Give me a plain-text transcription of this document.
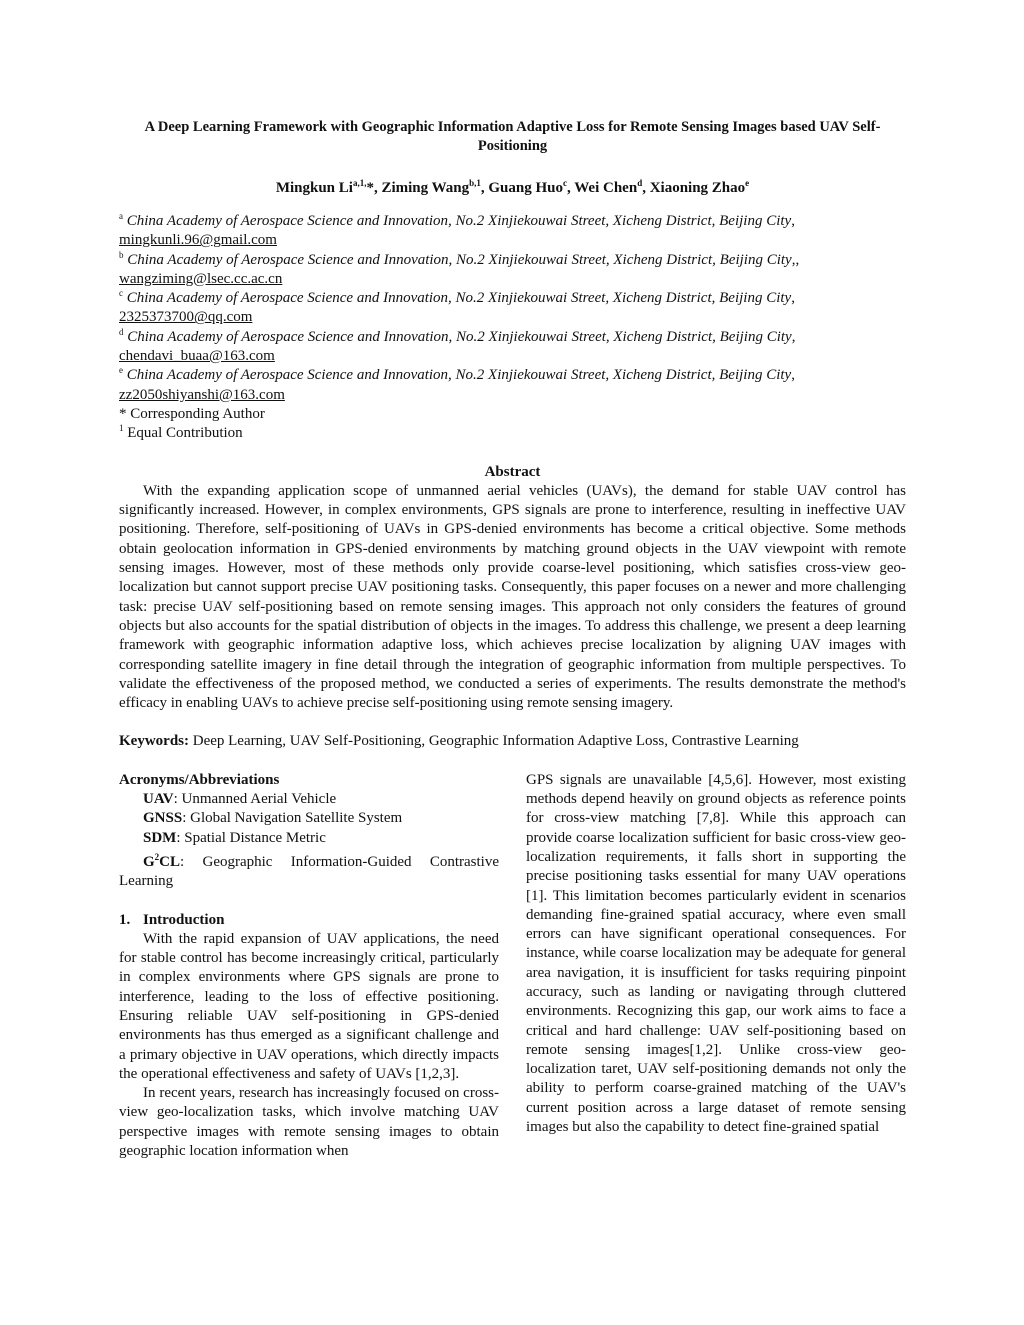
A Deep Learning Framework with Geographic Information Adaptive Loss for Remote Sensing Images based UAV Self-Positioning
Mingkun $Li^{a,1,}*$, Ziming Wang$^{b,1}$, Guang Huo$^c$, Wei Chen$^d$, Xiaoning Zhao$^e$
$^a$ China Academy of Aerospace Science and Innovation, No.2 Xinjiekouwai Street, Xicheng District, Beijing City,
mingkunli.96@gmail.com
$^b$ China Academy of Aerospace Science and Innovation, No.2 Xinjiekouwai Street, Xicheng District, Beijing City,,
wangziming@lsec.cc.ac.cn
$^c$ China Academy of Aerospace Science and Innovation, No.2 Xinjiekouwai Street, Xicheng District, Beijing City,
2325373700@qq.com
$^d$ China Academy of Aerospace Science and Innovation, No.2 Xinjiekouwai Street, Xicheng District, Beijing City,
chendavi_buaa@163.com
$^e$ China Academy of Aerospace Science and Innovation, No.2 Xinjiekouwai Street, Xicheng District, Beijing City,
zz2050shiyanshi@163.com
* Corresponding Author
$^1$ Equal Contribution
Abstract

With the expanding application scope of unmanned aerial vehicles (UAVs), the demand for stable UAV control has significantly increased. However, in complex environments, GPS signals are prone to interference, resulting in ineffective UAV positioning. Therefore, self-positioning of UAVs in GPS-denied environments has become a critical objective. Some methods obtain geolocation information in GPS-denied environments by matching ground objects in the UAV viewpoint with remote sensing images. However, most of these methods only provide coarse-level positioning, which satisfies cross-view geo-localization but cannot support precise UAV positioning tasks. Consequently, this paper focuses on a newer and more challenging task: precise UAV self-positioning based on remote sensing images. This approach not only considers the features of ground objects but also accounts for the spatial distribution of objects in the images. To address this challenge, we present a deep learning framework with geographic information adaptive loss, which achieves precise localization by aligning UAV images with corresponding satellite imagery in fine detail through the integration of geographic information from multiple perspectives. To validate the effectiveness of the proposed method, we conducted a series of experiments. The results demonstrate the method's efficacy in enabling UAVs to achieve precise self-positioning using remote sensing imagery.

Keywords: Deep Learning, UAV Self-Positioning, Geographic Information Adaptive Loss, Contrastive Learning

Acronyms/Abbreviations

UAV: Unmanned Aerial Vehicle

GNSS: Global Navigation Satellite System

SDM: Spatial Distance Metric

$G^2CL$: Geographic Information-Guided Contrastive Learning

1. Introduction

With the rapid expansion of UAV applications, the need for stable control has become increasingly critical, particularly in complex environments where GPS signals are prone to interference, leading to the loss of effective positioning. Ensuring reliable UAV self-positioning in GPS-denied environments has thus emerged as a significant challenge and a primary objective in UAV operations, which directly impacts the operational effectiveness and safety of UAVs [1,2,3].

In recent years, research has increasingly focused on cross-view geo-localization tasks, which involve matching UAV perspective images with remote sensing images to obtain geographic location information when

GPS signals are unavailable [4,5,6]. However, most existing methods depend heavily on ground objects as reference points for cross-view matching [7,8]. While this approach can provide coarse localization sufficient for basic cross-view geo-localization requirements, it falls short in supporting the precise positioning tasks essential for many UAV operations [1]. This limitation becomes particularly evident in scenarios demanding fine-grained spatial accuracy, where even small errors can have significant operational consequences. For instance, while coarse localization may be adequate for general area navigation, it is insufficient for tasks requiring pinpoint accuracy, such as landing or navigating through cluttered environments. Recognizing this gap, our work aims to face a critical and hard challenge: UAV self-positioning based on remote sensing images[1,2]. Unlike cross-view geo-localization taret, UAV self-positioning demands not only the ability to perform coarse-grained matching of the UAV's current position across a large dataset of remote sensing images but also the capability to detect fine-grained spatial
